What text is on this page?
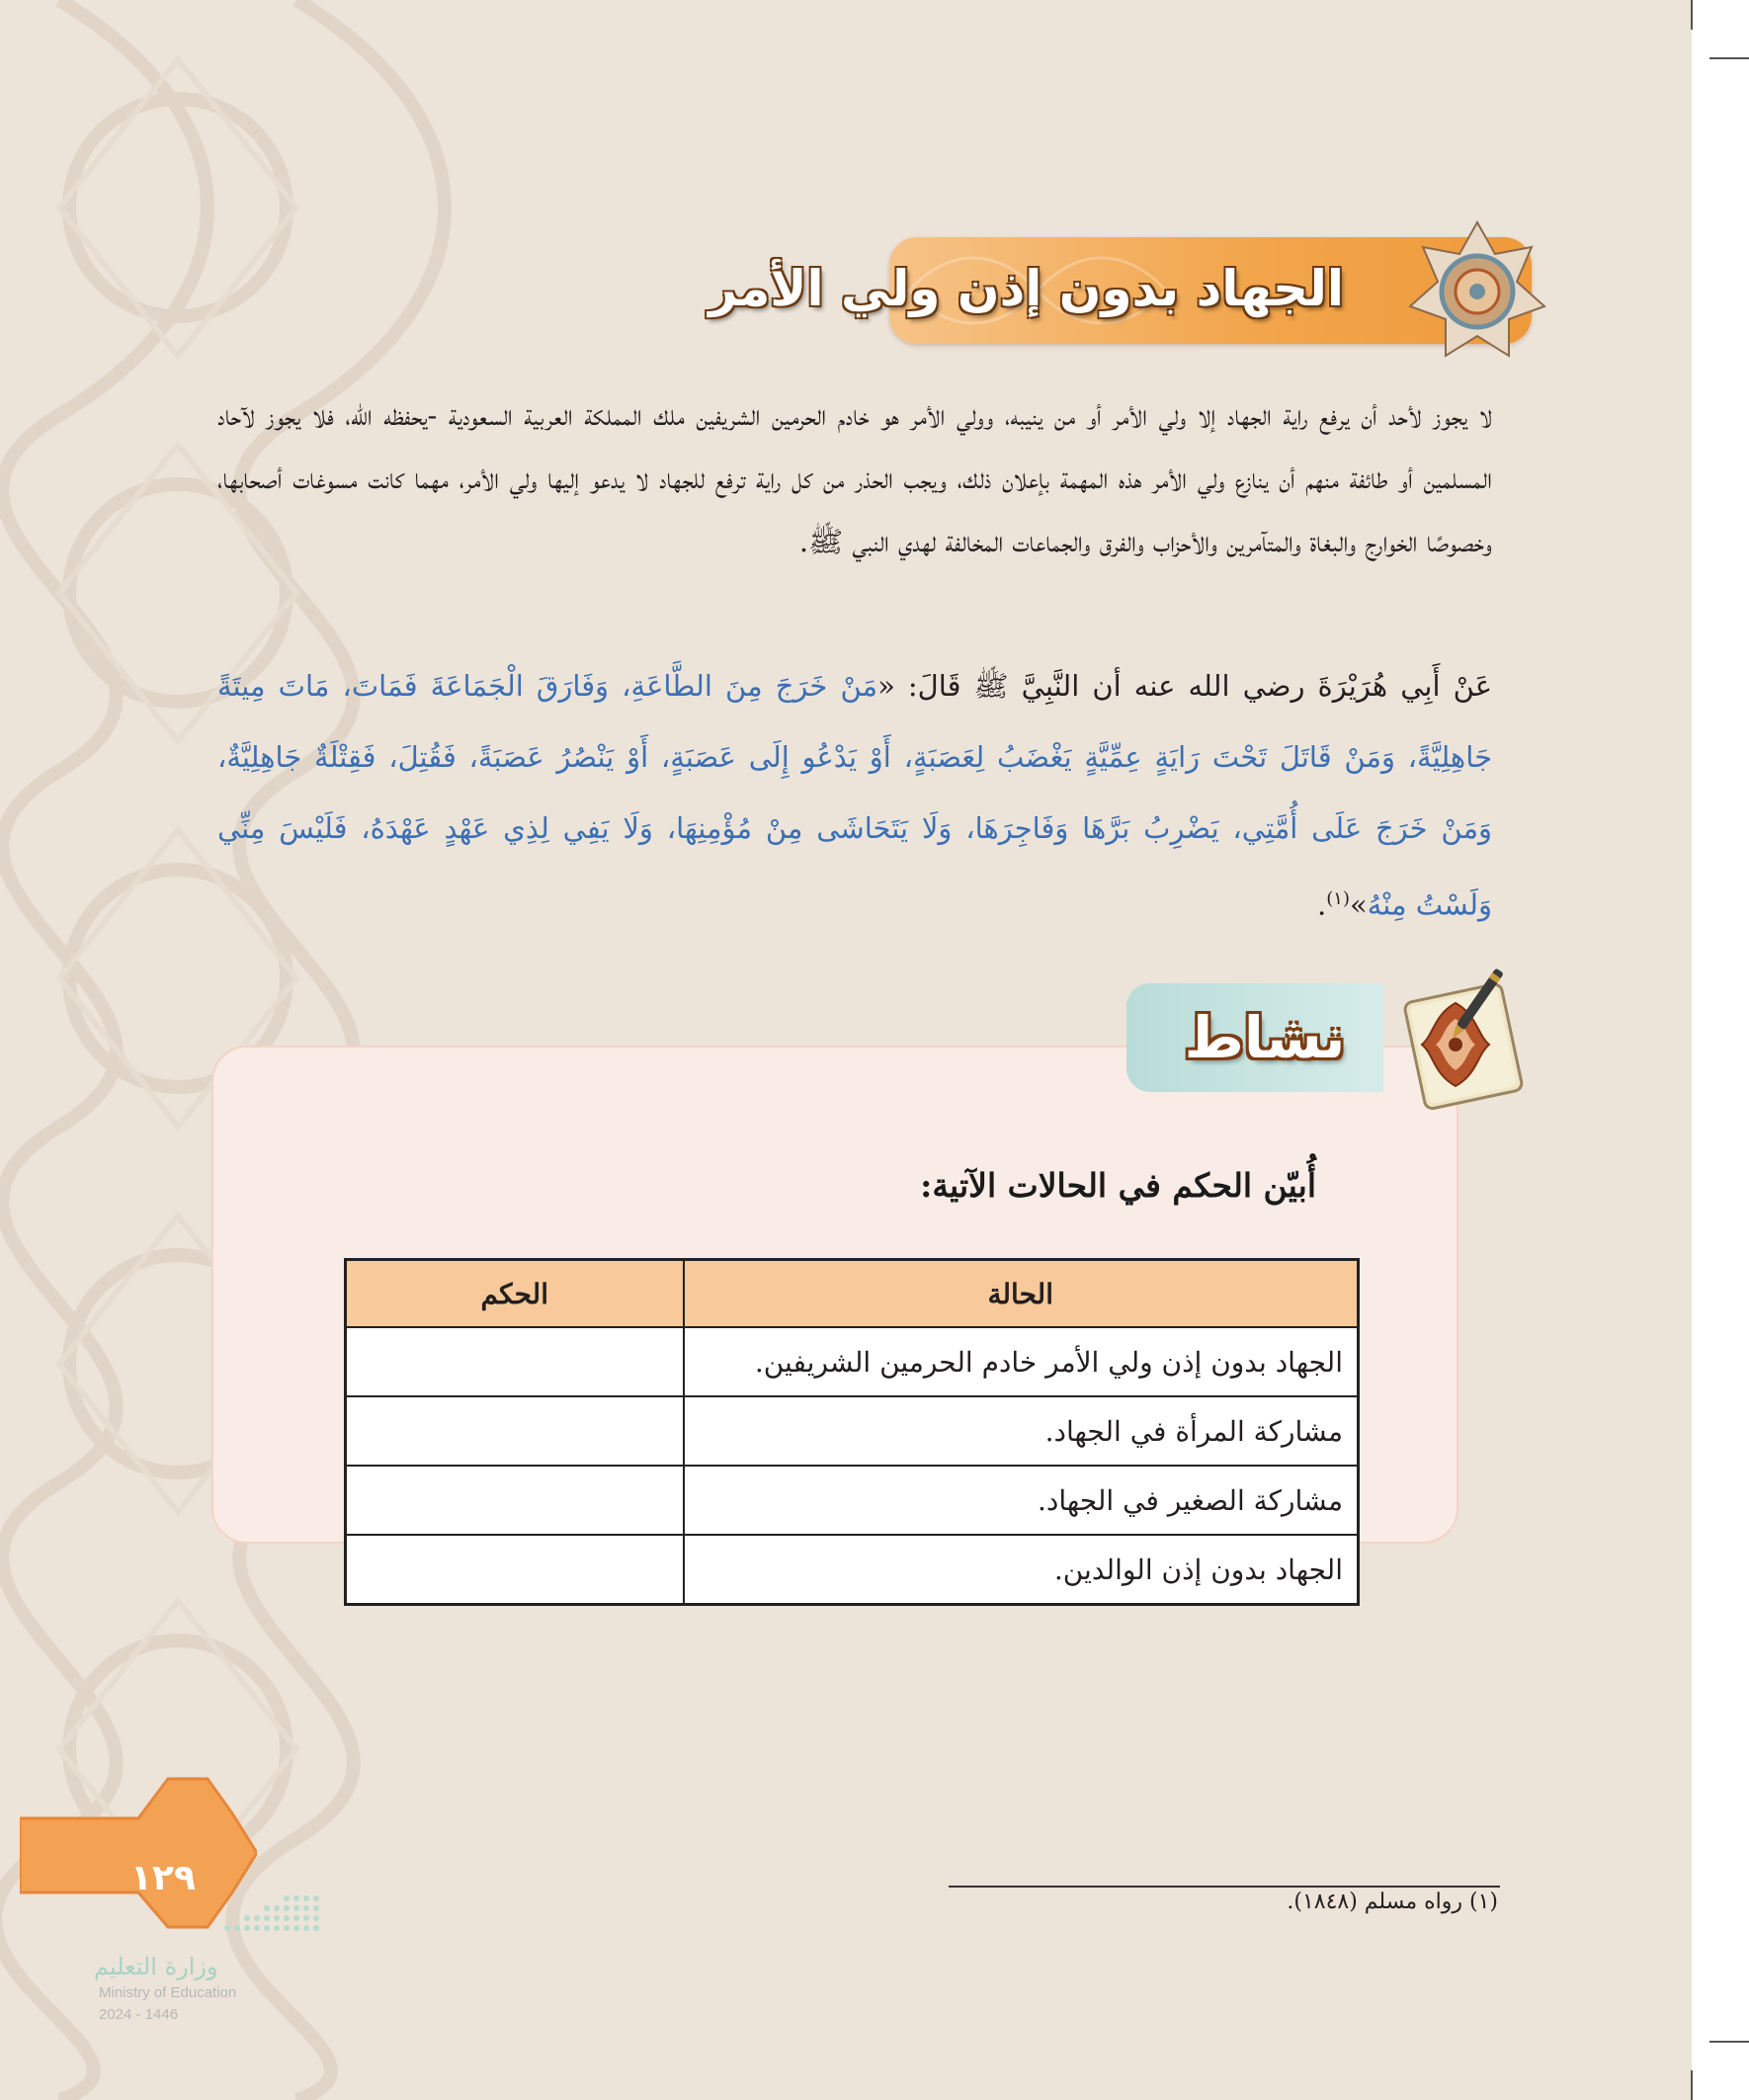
الجهاد بدون إذن ولي الأمر
لا يجوز لأحد أن يرفع راية الجهاد إلا ولي الأمر أو من ينيبه، وولي الأمر هو خادم الحرمين الشريفين ملك المملكة العربية السعودية -يحفظه الله، فلا يجوز لآحاد المسلمين أو طائفة منهم أن ينازع ولي الأمر هذه المهمة بإعلان ذلك، ويجب الحذر من كل راية ترفع للجهاد لا يدعو إليها ولي الأمر، مهما كانت مسوغات أصحابها، وخصوصًا الخوارج والبغاة والمتآمرين والأحزاب والفرق والجماعات المخالفة لهدي النبي ﷺ.
عَنْ أَبِي هُرَيْرَةَ رضي الله عنه أن النَّبِيَّ ﷺ قَالَ: «مَنْ خَرَجَ مِنَ الطَّاعَةِ، وَفَارَقَ الْجَمَاعَةَ فَمَاتَ، مَاتَ مِيتَةً جَاهِلِيَّةً، وَمَنْ قَاتَلَ تَحْتَ رَايَةٍ عِمِّيَّةٍ يَغْضَبُ لِعَصَبَةٍ، أَوْ يَدْعُو إِلَى عَصَبَةٍ، أَوْ يَنْصُرُ عَصَبَةً، فَقُتِلَ، فَقِتْلَةٌ جَاهِلِيَّةٌ، وَمَنْ خَرَجَ عَلَى أُمَّتِي، يَضْرِبُ بَرَّهَا وَفَاجِرَهَا، وَلَا يَتَحَاشَى مِنْ مُؤْمِنِهَا، وَلَا يَفِي لِذِي عَهْدٍ عَهْدَهُ، فَلَيْسَ مِنِّي وَلَسْتُ مِنْهُ»$^{(١)}$.
نشاط
أُبيّن الحكم في الحالات الآتية:
الحالة	الحكم
الجهاد بدون إذن ولي الأمر خادم الحرمين الشريفين.	
مشاركة المرأة في الجهاد.	
مشاركة الصغير في الجهاد.	
الجهاد بدون إذن الوالدين.	
(١) رواه مسلم (١٨٤٨).
١٢٩
وزارة التعليم
Ministry of Education
2024 - 1446
